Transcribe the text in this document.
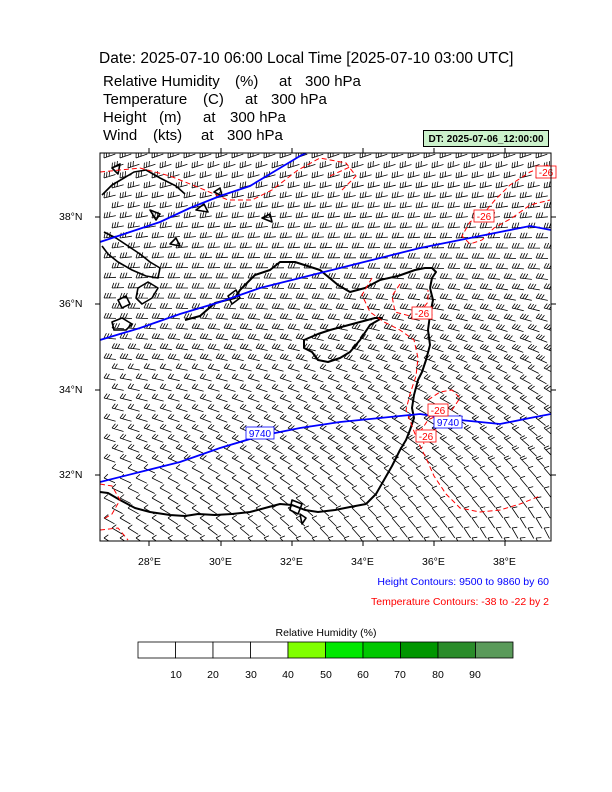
9740
9740
-26
-26
-26
-26
-26
Date: 2025-07-10 06:00 Local Time [2025-07-10 03:00 UTC]
Relative Humidity (%) at 300 hPa
Temperature (C) at 300 hPa
Height (m) at 300 hPa
Wind (kts) at 300 hPa	DT: 2025-07-06_12:00:00
38°N
36°N
34°N
32°N
28°E	30°E	32°E	34°E	36°E	38°E
Height Contours: 9500 to 9860 by 60
Temperature Contours: -38 to -22 by 2
Relative Humidity (%)
10	20	30	40	50	60	70	80	90
